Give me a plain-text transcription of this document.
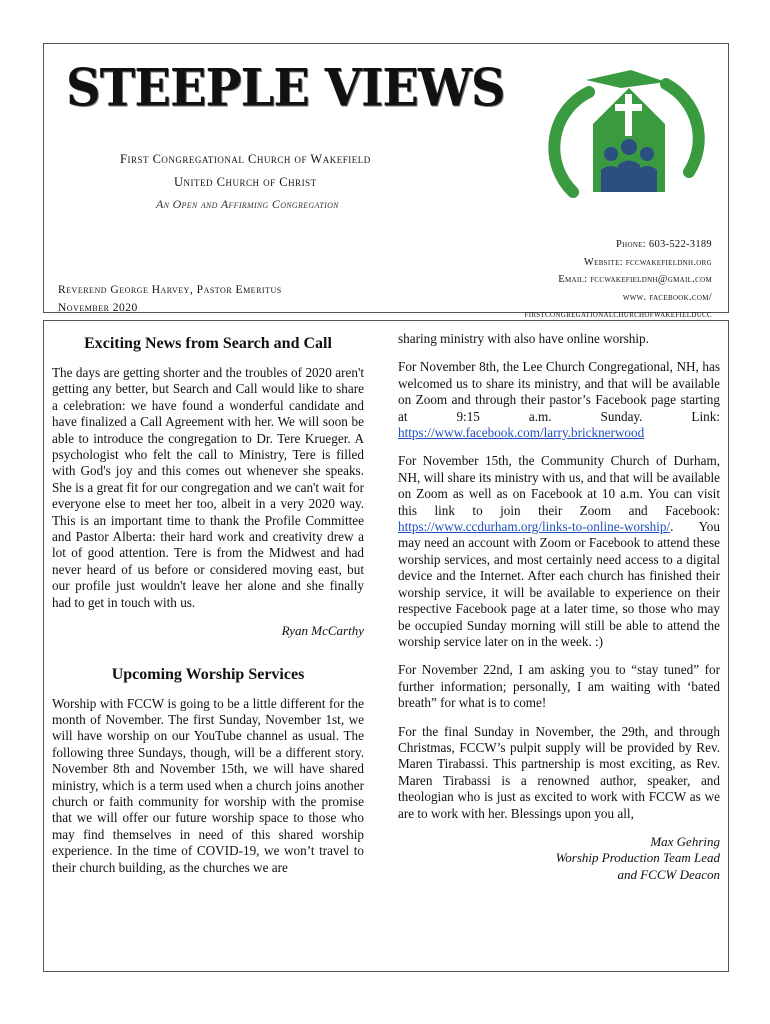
STEEPLE VIEWS
First Congregational Church of Wakefield
United Church of Christ
An Open and Affirming Congregation
Phone: 603-522-3189
Website: fccwakefieldnh.org
Email: fccwakefieldnh@gmail.com
www. facebook.com/
firstcongregationalchurchofwakefielducc
Reverend George Harvey, Pastor Emeritus
November 2020
Exciting News from Search and Call

The days are getting shorter and the troubles of 2020 aren't getting any better, but Search and Call would like to share a celebration: we have found a wonderful candidate and have finalized a Call Agreement with her. We will soon be able to introduce the congregation to Dr. Tere Krueger. A psychologist who felt the call to Ministry, Tere is filled with God's joy and this comes out whenever she speaks. She is a great fit for our congregation and we can't wait for everyone else to meet her too, albeit in a very 2020 way. This is an important time to thank the Profile Committee and Pastor Alberta: their hard work and creativity drew a lot of good attention. Tere is from the Midwest and had never heard of us before or considered moving east, but our profile just wouldn't leave her alone and she finally had to get in touch with us.

Ryan McCarthy
Upcoming Worship Services

Worship with FCCW is going to be a little different for the month of November. The first Sunday, November 1st, we will have worship on our YouTube channel as usual. The following three Sundays, though, will be a different story. November 8th and November 15th, we will have shared ministry, which is a term used when a church joins another church or faith community for worship with the promise that we will offer our future worship space to those who may find themselves in need of this shared worship experience. In the time of COVID-19, we won’t travel to their church building, as the churches we are

sharing ministry with also have online worship.

For November 8th, the Lee Church Congregational, NH, has welcomed us to share its ministry, and that will be available on Zoom and through their pastor’s Facebook page starting at 9:15 a.m. Sunday. Link: https://www.facebook.com/larry.bricknerwood

For November 15th, the Community Church of Durham, NH, will share its ministry with us, and that will be available on Zoom as well as on Facebook at 10 a.m. You can visit this link to join their Zoom and Facebook: https://www.ccdurham.org/links-to-online-worship/. You may need an account with Zoom or Facebook to attend these worship services, and most certainly need access to a digital device and the Internet. After each church has finished their worship service, it will be available to experience on their respective Facebook page at a later time, so those who may be occupied Sunday morning will still be able to attend the worship service later on in the week. :)

For November 22nd, I am asking you to “stay tuned” for further information; personally, I am waiting with ‘bated breath” for what is to come!

For the final Sunday in November, the 29th, and through Christmas, FCCW’s pulpit supply will be provided by Rev. Maren Tirabassi. This partnership is most exciting, as Rev. Maren Tirabassi is a renowned author, speaker, and theologian who is just as excited to work with FCCW as we are to work with her. Blessings upon you all,

Max Gehring
Worship Production Team Lead
and FCCW Deacon
